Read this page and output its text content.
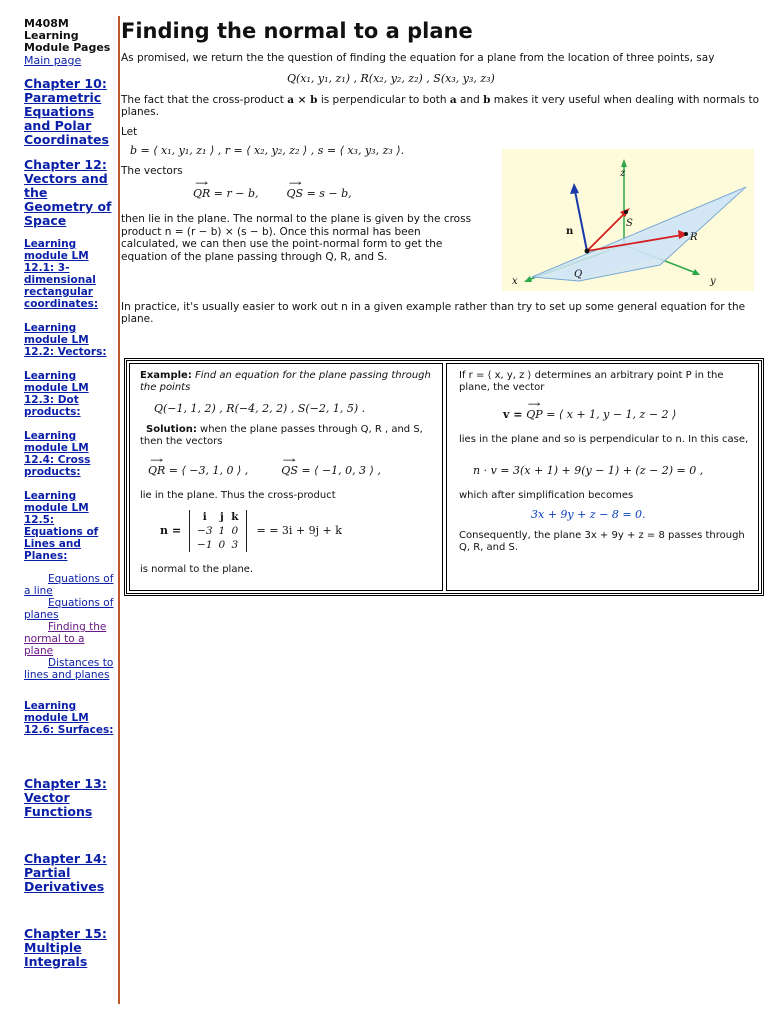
M408M
Learning
Module Pages
Main page
Chapter 10: Parametric Equations and Polar Coordinates
Chapter 12: Vectors and the Geometry of Space
Learning module LM 12.1: 3-dimensional rectangular coordinates:
Learning module LM 12.2: Vectors:
Learning module LM 12.3: Dot products:
Learning module LM 12.4: Cross products:
Learning module LM 12.5: Equations of Lines and Planes:
Equations of a line
Equations of planes
Finding the normal to a plane
Distances to lines and planes
Learning module LM 12.6: Surfaces:
Chapter 13: Vector Functions
Chapter 14: Partial Derivatives
Chapter 15: Multiple Integrals
Finding the normal to a plane

As promised, we return the the question of finding the equation for a plane from the location of three points, say

Q(x₁, y₁, z₁) , R(x₂, y₂, z₂) , S(x₃, y₃, z₃)

The fact that the cross-product a × b is perpendicular to both a and b makes it very useful when dealing with normals to planes.

Let

b = ⟨ x₁, y₁, z₁ ⟩ , r = ⟨ x₂, y₂, z₂ ⟩ , s = ⟨ x₃, y₃, z₃ ⟩.

The vectors

→ QR = r − b,        → QS = s − b,

then lie in the plane. The normal to the plane is given by the cross product n = (r − b) × (s − b). Once this normal has been calculated, we can then use the point-normal form to get the equation of the plane passing through Q, R, and S.

In practice, it's usually easier to work out n in a given example rather than try to set up some general equation for the plane.

z
n
S
R
Q
x	y
Example: Find an equation for the plane passing through the points
Q(−1, 1, 2) , R(−4, 2, 2) , S(−2, 1, 5) .
Solution: when the plane passes through Q, R , and S, then the vectors
→ QR = ⟨ −3, 1, 0 ⟩ ,	→ QS = ⟨ −1, 0, 3 ⟩ ,
lie in the plane. Thus the cross-product
n =
i	j	k
−3	1	0
−1	0	3
= = 3i + 9j + k
is normal to the plane.
If r = ⟨ x, y, z ⟩ determines an arbitrary point P in the plane, the vector
v = → QP = ⟨ x + 1, y − 1, z − 2 ⟩
lies in the plane and so is perpendicular to n. In this case,
n · v = 3(x + 1) + 9(y − 1) + (z − 2) = 0 ,
which after simplification becomes
3x + 9y + z − 8 = 0.
Consequently, the plane 3x + 9y + z = 8 passes through Q, R, and S.
